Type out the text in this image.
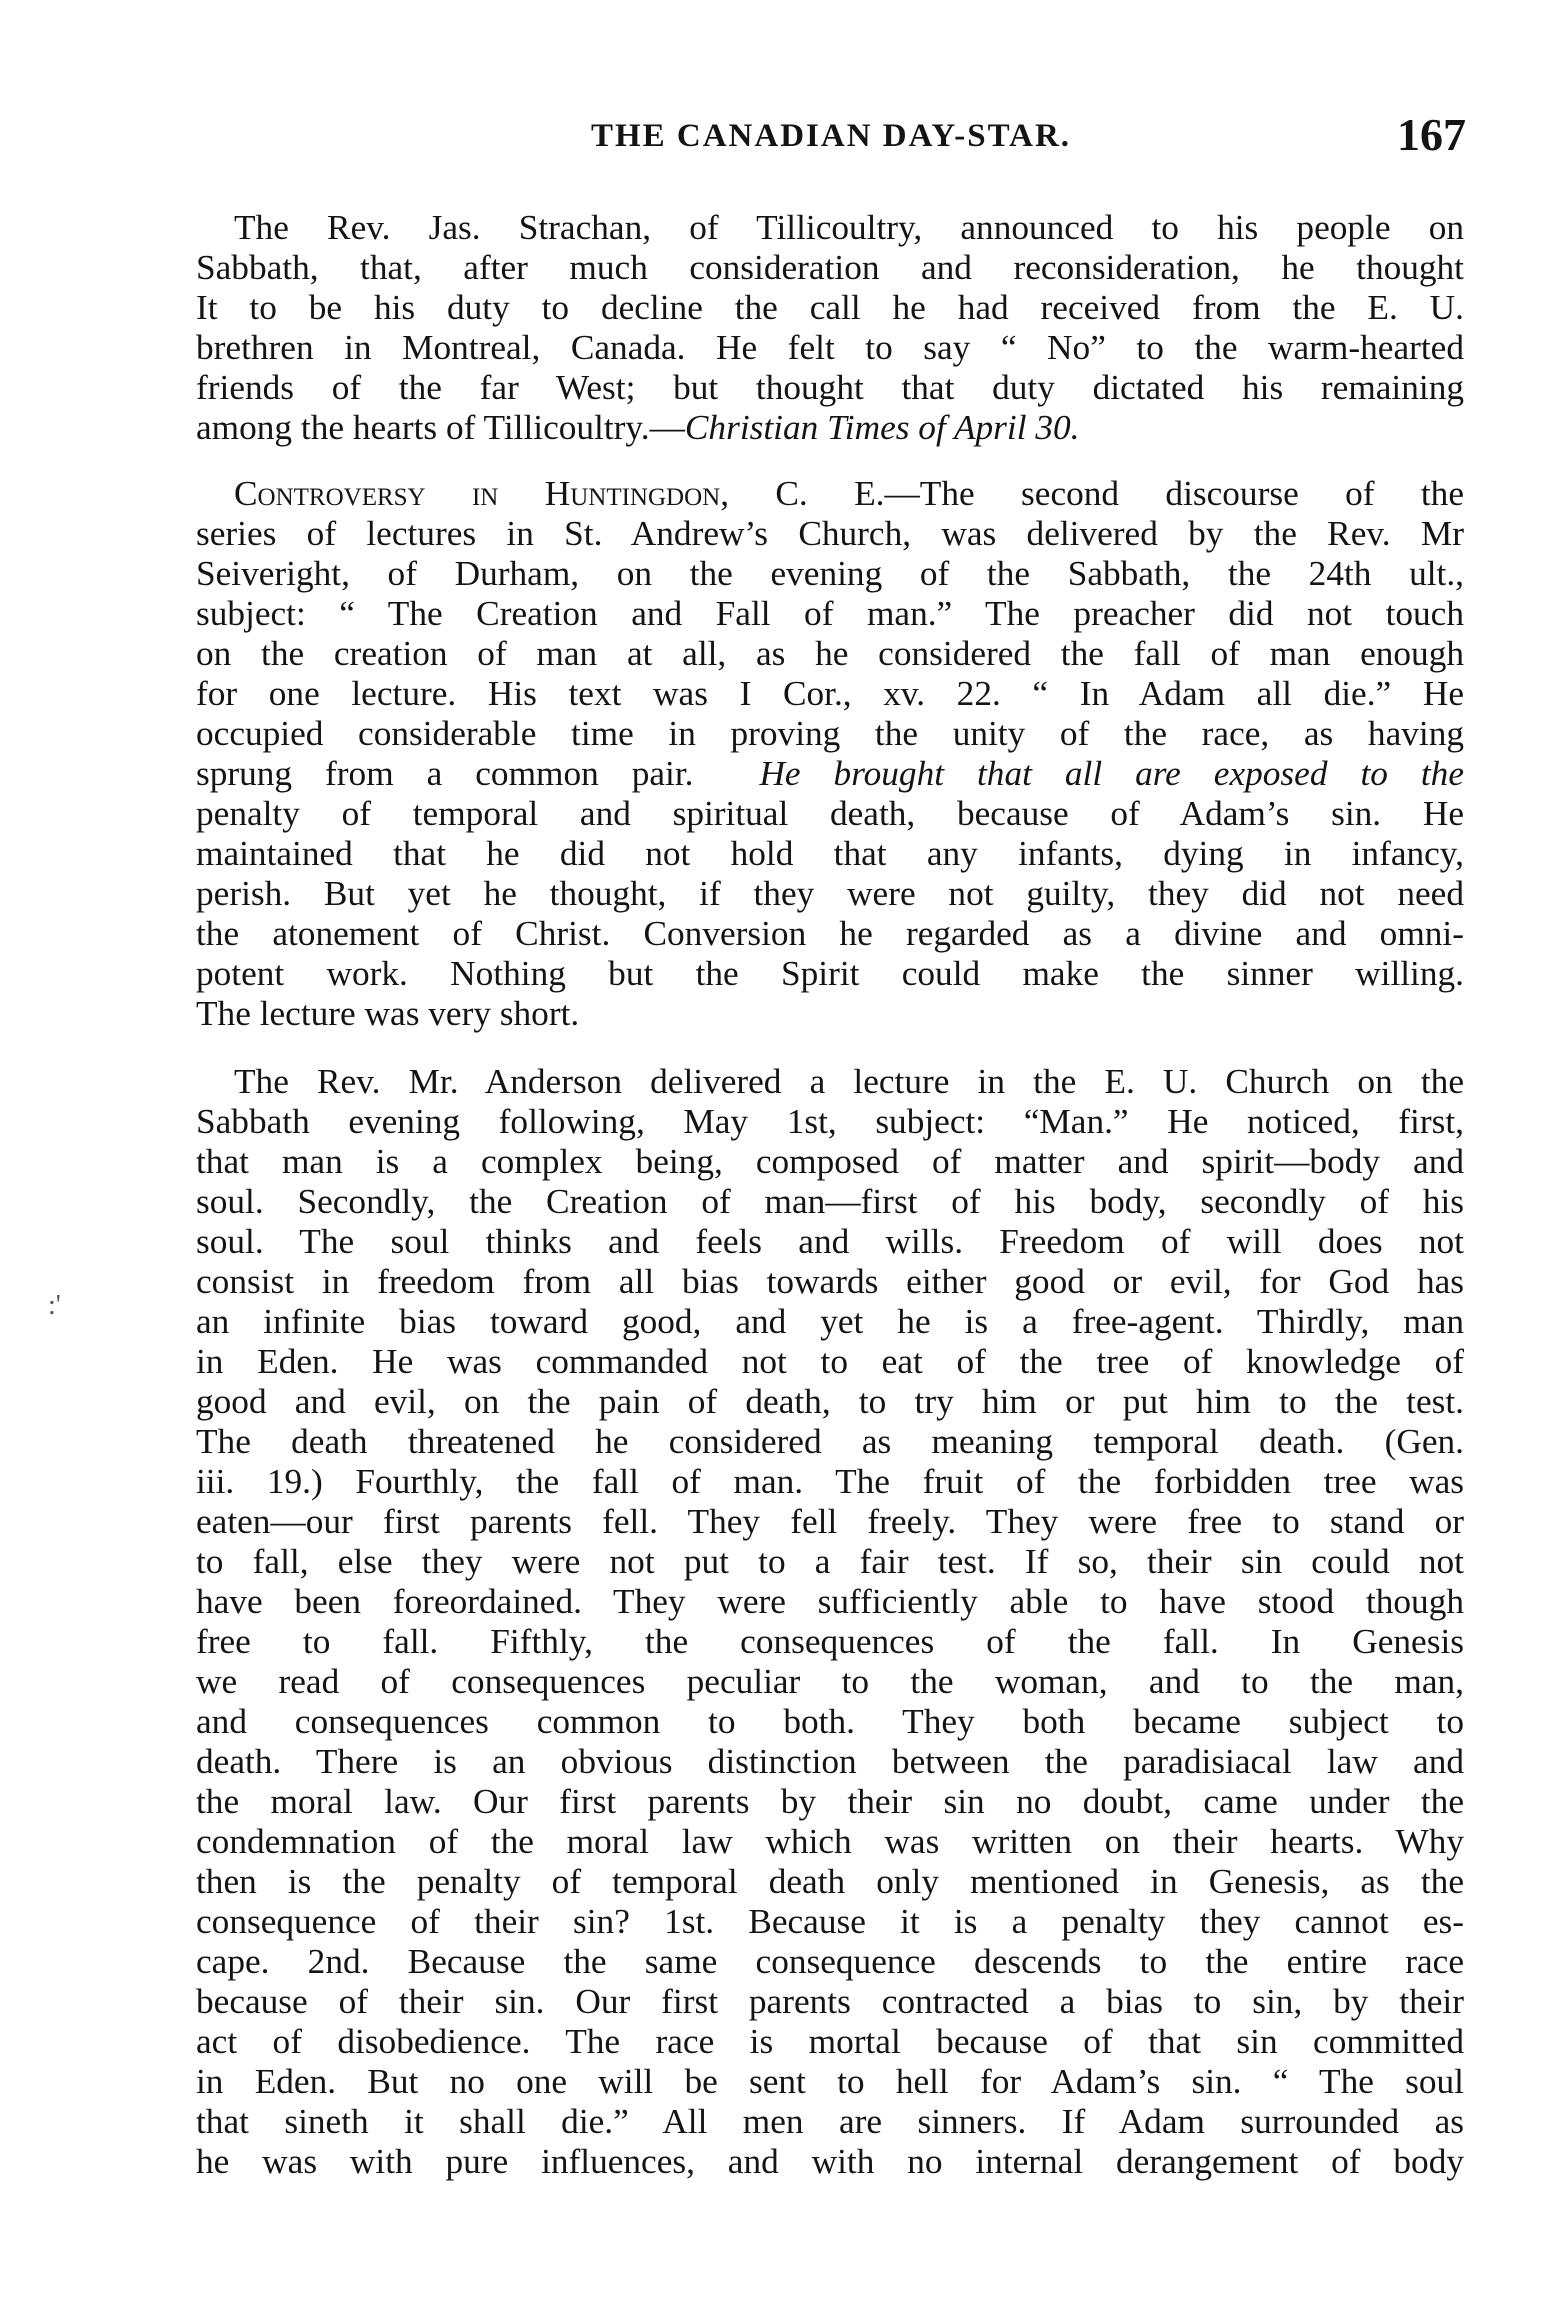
THE CANADIAN DAY-STAR.	167
:'
The Rev. Jas. Strachan, of Tillicoultry, announced to his people on
Sabbath, that, after much consideration and reconsideration, he thought
It to be his duty to decline the call he had received from the E. U.
brethren in Montreal, Canada. He felt to say “ No” to the warm-hearted
friends of the far West; but thought that duty dictated his remaining
among the hearts of Tillicoultry.—Christian Times of April 30.
Controversy in Huntingdon, C. E.—The second discourse of the
series of lectures in St. Andrew’s Church, was delivered by the Rev. Mr
Seiveright, of Durham, on the evening of the Sabbath, the 24th ult.,
subject: “ The Creation and Fall of man.” The preacher did not touch
on the creation of man at all, as he considered the fall of man enough
for one lecture. His text was I Cor., xv. 22. “ In Adam all die.” He
occupied considerable time in proving the unity of the race, as having
sprung from a common pair. He brought that all are exposed to the
penalty of temporal and spiritual death, because of Adam’s sin. He
maintained that he did not hold that any infants, dying in infancy,
perish. But yet he thought, if they were not guilty, they did not need
the atonement of Christ. Conversion he regarded as a divine and omni-
potent work. Nothing but the Spirit could make the sinner willing.
The lecture was very short.
The Rev. Mr. Anderson delivered a lecture in the E. U. Church on the
Sabbath evening following, May 1st, subject: “Man.” He noticed, first,
that man is a complex being, composed of matter and spirit—body and
soul. Secondly, the Creation of man—first of his body, secondly of his
soul. The soul thinks and feels and wills. Freedom of will does not
consist in freedom from all bias towards either good or evil, for God has
an infinite bias toward good, and yet he is a free-agent. Thirdly, man
in Eden. He was commanded not to eat of the tree of knowledge of
good and evil, on the pain of death, to try him or put him to the test.
The death threatened he considered as meaning temporal death. (Gen.
iii. 19.) Fourthly, the fall of man. The fruit of the forbidden tree was
eaten—our first parents fell. They fell freely. They were free to stand or
to fall, else they were not put to a fair test. If so, their sin could not
have been foreordained. They were sufficiently able to have stood though
free to fall. Fifthly, the consequences of the fall. In Genesis
we read of consequences peculiar to the woman, and to the man,
and consequences common to both. They both became subject to
death. There is an obvious distinction between the paradisiacal law and
the moral law. Our first parents by their sin no doubt, came under the
condemnation of the moral law which was written on their hearts. Why
then is the penalty of temporal death only mentioned in Genesis, as the
consequence of their sin? 1st. Because it is a penalty they cannot es-
cape. 2nd. Because the same consequence descends to the entire race
because of their sin. Our first parents contracted a bias to sin, by their
act of disobedience. The race is mortal because of that sin committed
in Eden. But no one will be sent to hell for Adam’s sin. “ The soul
that sineth it shall die.” All men are sinners. If Adam surrounded as
he was with pure influences, and with no internal derangement of body
